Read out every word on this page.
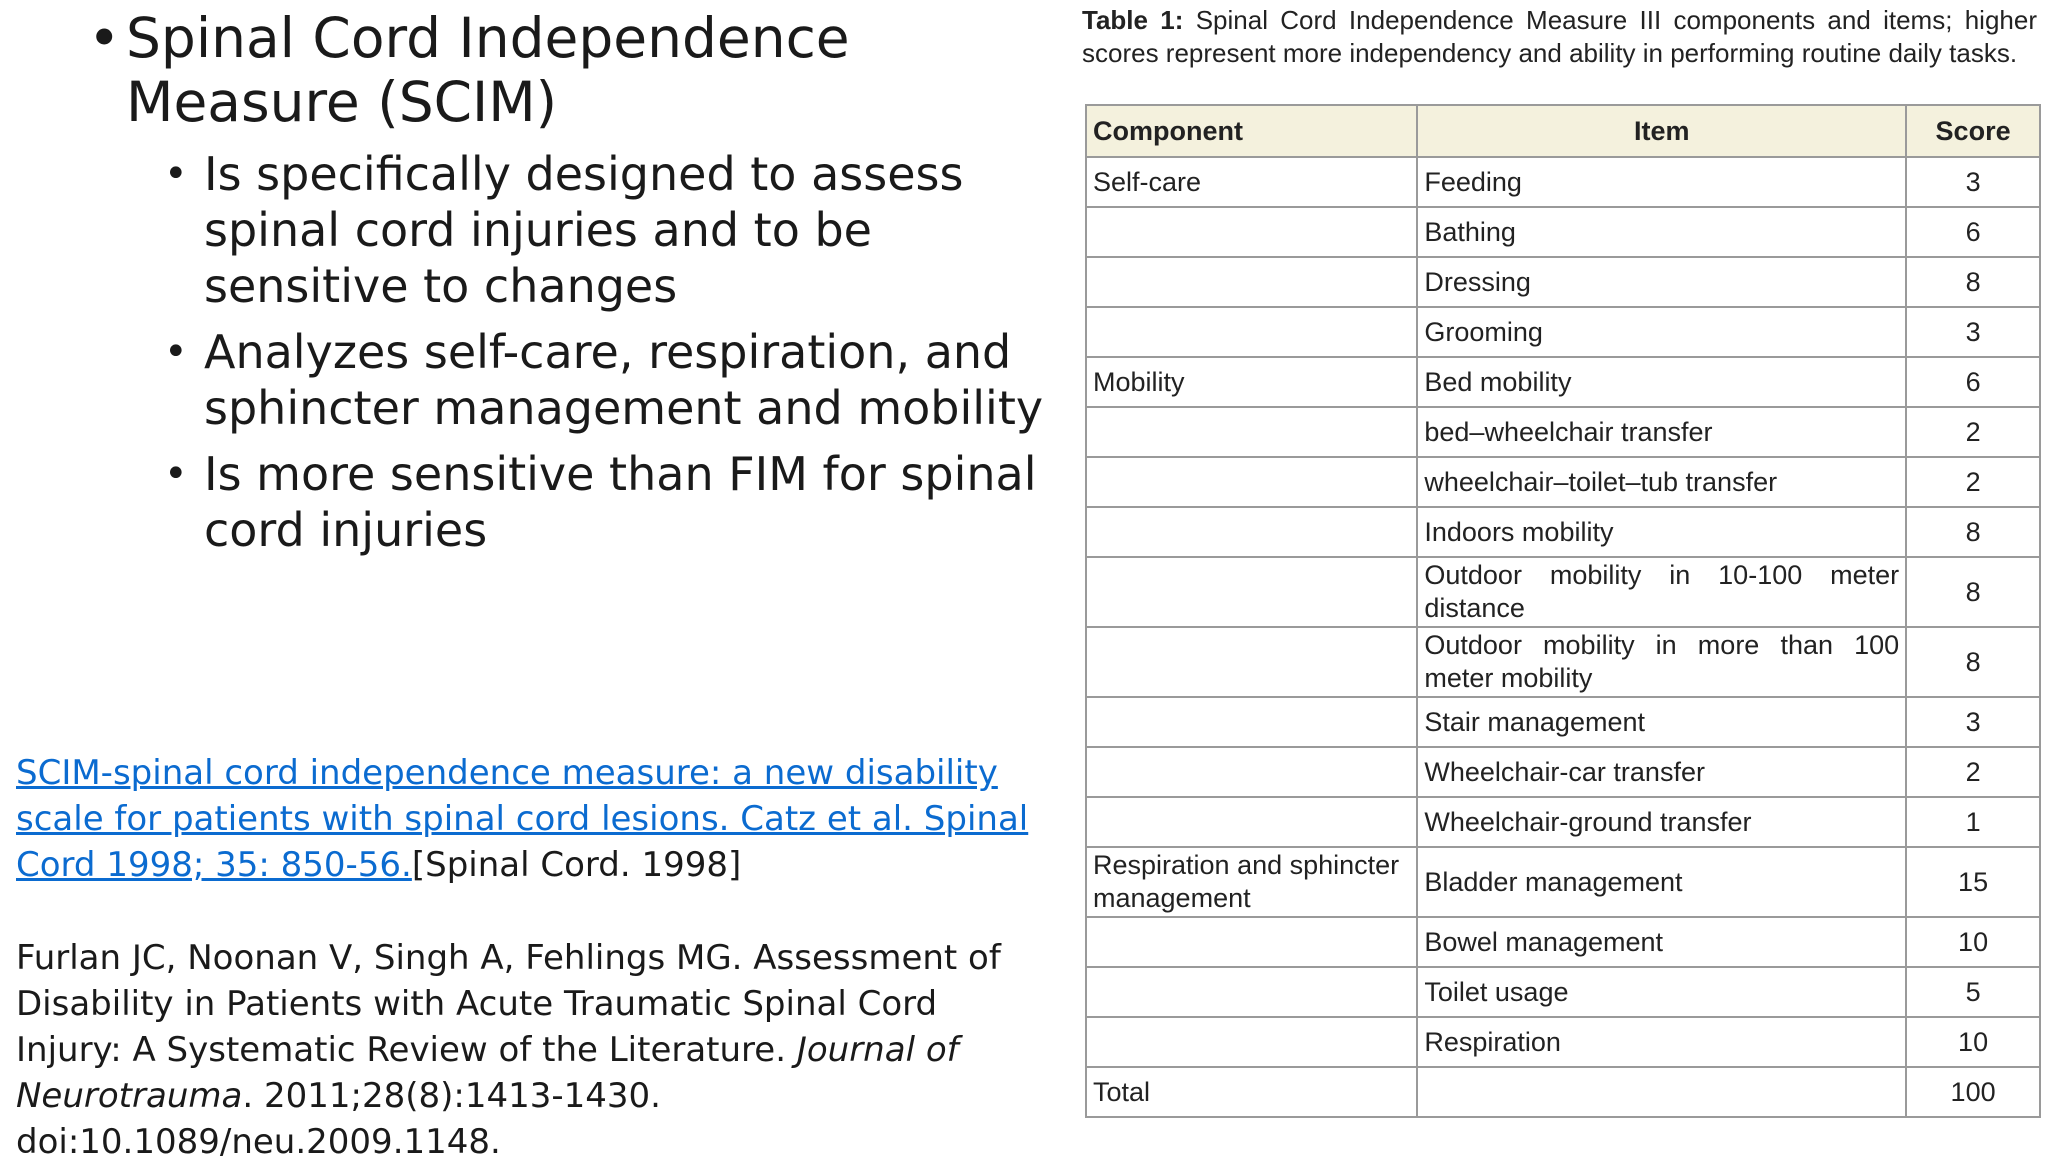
• Spinal Cord Independence Measure (SCIM)
• Is specifically designed to assess spinal cord injuries and to be sensitive to changes
• Analyzes self-care, respiration, and sphincter management and mobility
• Is more sensitive than FIM for spinal cord injuries
SCIM-spinal cord independence measure: a new disability scale for patients with spinal cord lesions. Catz et al. Spinal Cord 1998; 35: 850-56.[Spinal Cord. 1998]
Furlan JC, Noonan V, Singh A, Fehlings MG. Assessment of Disability in Patients with Acute Traumatic Spinal Cord Injury: A Systematic Review of the Literature. Journal of Neurotrauma. 2011;28(8):1413-1430. doi:10.1089/neu.2009.1148.
Table 1: Spinal Cord Independence Measure III components and items; higher scores represent more independency and ability in performing routine daily tasks.
Component	Item	Score
Self-care	Feeding	3
	Bathing	6
	Dressing	8
	Grooming	3
Mobility	Bed mobility	6
	bed–wheelchair transfer	2
	wheelchair–toilet–tub transfer	2
	Indoors mobility	8
	Outdoor mobility in 10-100 meter distance	8
	Outdoor mobility in more than 100 meter mobility	8
	Stair management	3
	Wheelchair-car transfer	2
	Wheelchair-ground transfer	1
Respiration and sphincter management	Bladder management	15
	Bowel management	10
	Toilet usage	5
	Respiration	10
Total		100
